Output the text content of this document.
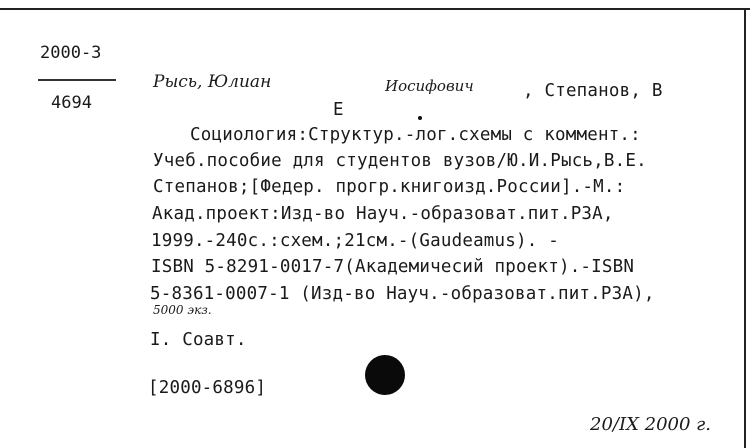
2000-3
4694
Рысь, Юлиан	Иосифович	, Степанов, В
Е
Социология:Структур.-лог.схемы с коммент.:
Учеб.пособие для студентов вузов/Ю.И.Рысь,В.Е.
Степанов;[Федер. прогр.книгоизд.России].-М.:
Акад.проект:Изд-во Науч.-образоват.пит.РЗА,
1999.-240с.:схем.;21см.-(Gaudeamus). -
ISBN 5-8291-0017-7(Академичесий проект).-ISBN
5-8361-0007-1 (Изд-во Науч.-образоват.пит.РЗА),
5000 экз.
I. Соавт.
[2000-6896]
20/IX 2000 г.
